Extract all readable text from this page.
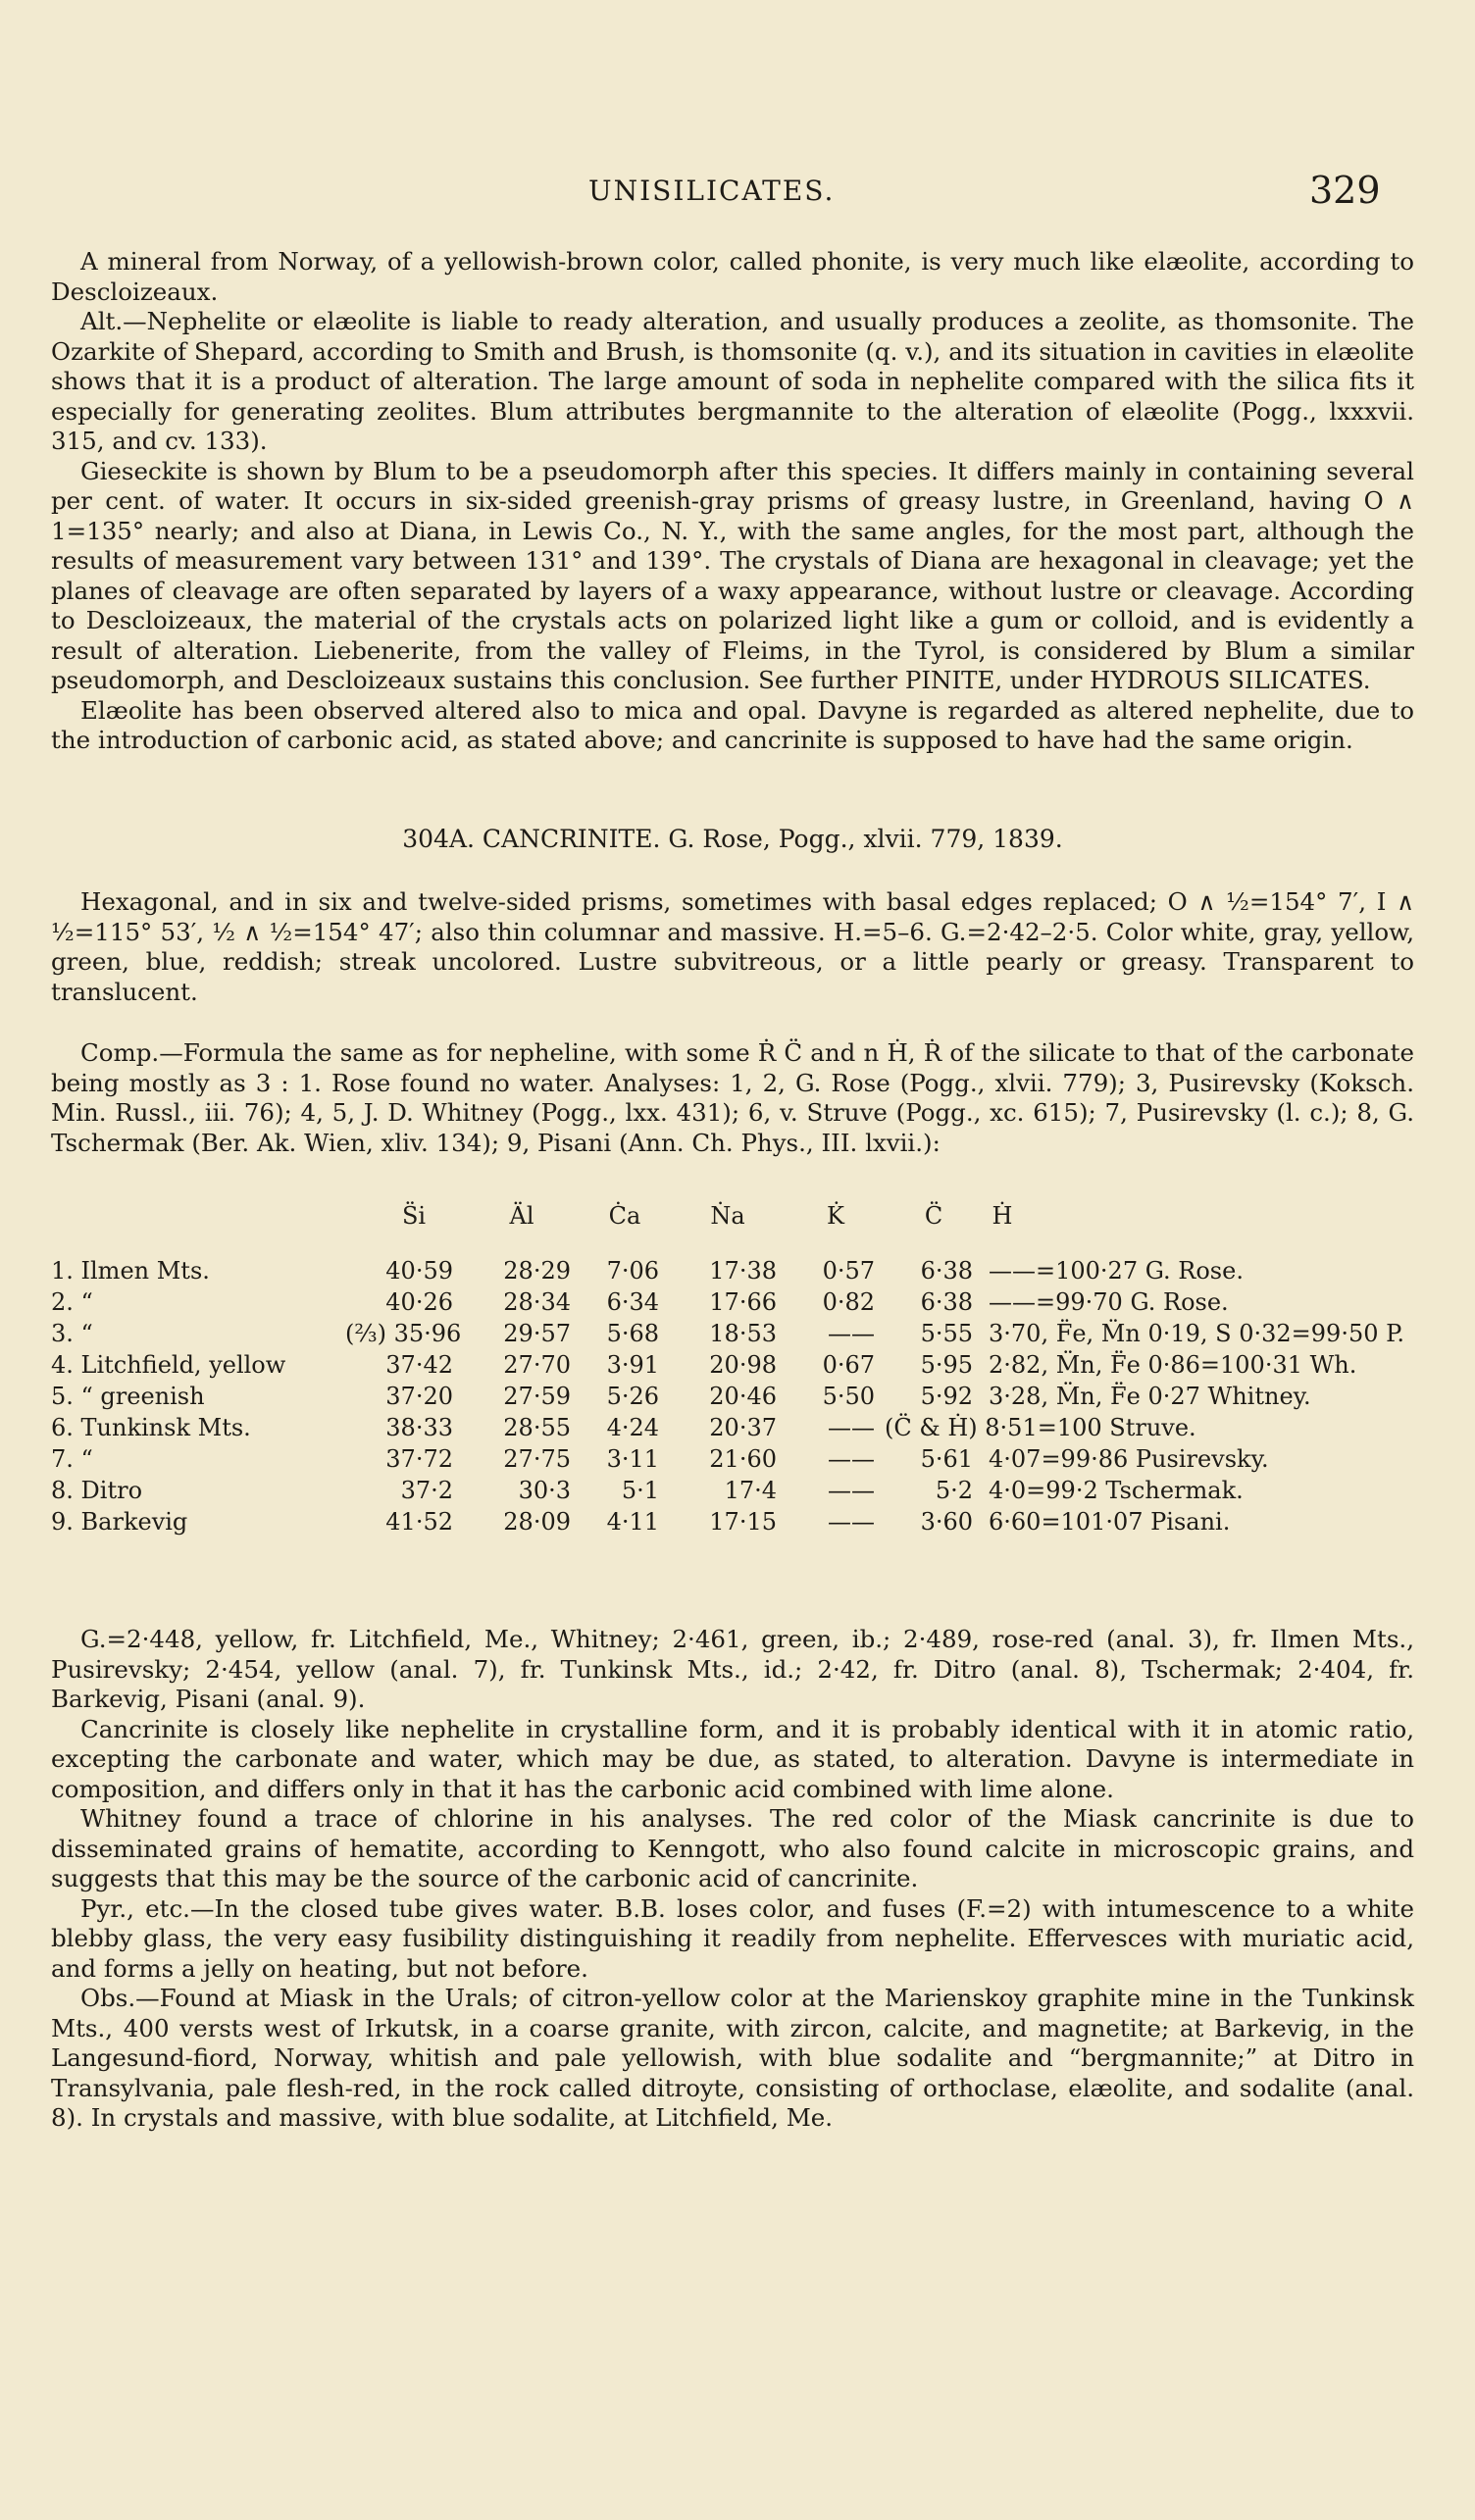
UNISILICATES.	329

A mineral from Norway, of a yellowish-brown color, called phonite, is very much like elæolite, according to Descloizeaux.

Alt.—Nephelite or elæolite is liable to ready alteration, and usually produces a zeolite, as thomsonite. The Ozarkite of Shepard, according to Smith and Brush, is thomsonite (q. v.), and its situation in cavities in elæolite shows that it is a product of alteration. The large amount of soda in nephelite compared with the silica fits it especially for generating zeolites. Blum attributes bergmannite to the alteration of elæolite (Pogg., lxxxvii. 315, and cv. 133).

Gieseckite is shown by Blum to be a pseudomorph after this species. It differs mainly in containing several per cent. of water. It occurs in six-sided greenish-gray prisms of greasy lustre, in Greenland, having O ∧ 1=135° nearly; and also at Diana, in Lewis Co., N. Y., with the same angles, for the most part, although the results of measurement vary between 131° and 139°. The crystals of Diana are hexagonal in cleavage; yet the planes of cleavage are often separated by layers of a waxy appearance, without lustre or cleavage. According to Descloizeaux, the material of the crystals acts on polarized light like a gum or colloid, and is evidently a result of alteration. Liebenerite, from the valley of Fleims, in the Tyrol, is considered by Blum a similar pseudomorph, and Descloizeaux sustains this conclusion. See further PINITE, under HYDROUS SILICATES.

Elæolite has been observed altered also to mica and opal. Davyne is regarded as altered nephelite, due to the introduction of carbonic acid, as stated above; and cancrinite is supposed to have had the same origin.

304A. CANCRINITE. G. Rose, Pogg., xlvii. 779, 1839.

Hexagonal, and in six and twelve-sided prisms, sometimes with basal edges replaced; O ∧ ½=154° 7′, I ∧ ½=115° 53′, ½ ∧ ½=154° 47′; also thin columnar and massive. H.=5–6. G.=2·42–2·5. Color white, gray, yellow, green, blue, reddish; streak uncolored. Lustre subvitreous, or a little pearly or greasy. Transparent to translucent.

Comp.—Formula the same as for nepheline, with some Ṙ C̈ and n Ḣ, Ṙ of the silicate to that of the carbonate being mostly as 3 : 1. Rose found no water. Analyses: 1, 2, G. Rose (Pogg., xlvii. 779); 3, Pusirevsky (Koksch. Min. Russl., iii. 76); 4, 5, J. D. Whitney (Pogg., lxx. 431); 6, v. Struve (Pogg., xc. 615); 7, Pusirevsky (l. c.); 8, G. Tschermak (Ber. Ak. Wien, xliv. 134); 9, Pisani (Ann. Ch. Phys., III. lxvii.):

S̈i	Äl	Ċa	Ṅa	K̇	C̈	Ḣ
1. Ilmen Mts.	40·59	28·29	7·06	17·38	0·57	6·38 ——=100·27 G. Rose.
2. “	40·26	28·34	6·34	17·66	0·82	6·38 ——=99·70 G. Rose.
3. “	(⅔) 35·96	29·57	5·68	18·53	——	5·55 3·70, F̈e, M̈n 0·19, S 0·32=99·50 P.
4. Litchfield, yellow	37·42	27·70	3·91	20·98	0·67	5·95 2·82, M̈n, F̈e 0·86=100·31 Wh.
5. “ greenish	37·20	27·59	5·26	20·46	5·50	5·92 3·28, M̈n, F̈e 0·27 Whitney.
6. Tunkinsk Mts.	38·33	28·55	4·24	20·37	—— (C̈ & Ḣ) 8·51=100 Struve.
7. “	37·72	27·75	3·11	21·60	——	5·61 4·07=99·86 Pusirevsky.
8. Ditro	37·2	30·3	5·1	17·4	——	5·2 4·0=99·2 Tschermak.
9. Barkevig	41·52	28·09	4·11	17·15	——	3·60 6·60=101·07 Pisani.

G.=2·448, yellow, fr. Litchfield, Me., Whitney; 2·461, green, ib.; 2·489, rose-red (anal. 3), fr. Ilmen Mts., Pusirevsky; 2·454, yellow (anal. 7), fr. Tunkinsk Mts., id.; 2·42, fr. Ditro (anal. 8), Tschermak; 2·404, fr. Barkevig, Pisani (anal. 9).

Cancrinite is closely like nephelite in crystalline form, and it is probably identical with it in atomic ratio, excepting the carbonate and water, which may be due, as stated, to alteration. Davyne is intermediate in composition, and differs only in that it has the carbonic acid combined with lime alone.

Whitney found a trace of chlorine in his analyses. The red color of the Miask cancrinite is due to disseminated grains of hematite, according to Kenngott, who also found calcite in microscopic grains, and suggests that this may be the source of the carbonic acid of cancrinite.

Pyr., etc.—In the closed tube gives water. B.B. loses color, and fuses (F.=2) with intumescence to a white blebby glass, the very easy fusibility distinguishing it readily from nephelite. Effervesces with muriatic acid, and forms a jelly on heating, but not before.

Obs.—Found at Miask in the Urals; of citron-yellow color at the Marienskoy graphite mine in the Tunkinsk Mts., 400 versts west of Irkutsk, in a coarse granite, with zircon, calcite, and magnetite; at Barkevig, in the Langesund-fiord, Norway, whitish and pale yellowish, with blue sodalite and “bergmannite;” at Ditro in Transylvania, pale flesh-red, in the rock called ditroyte, consisting of orthoclase, elæolite, and sodalite (anal. 8). In crystals and massive, with blue sodalite, at Litchfield, Me.
